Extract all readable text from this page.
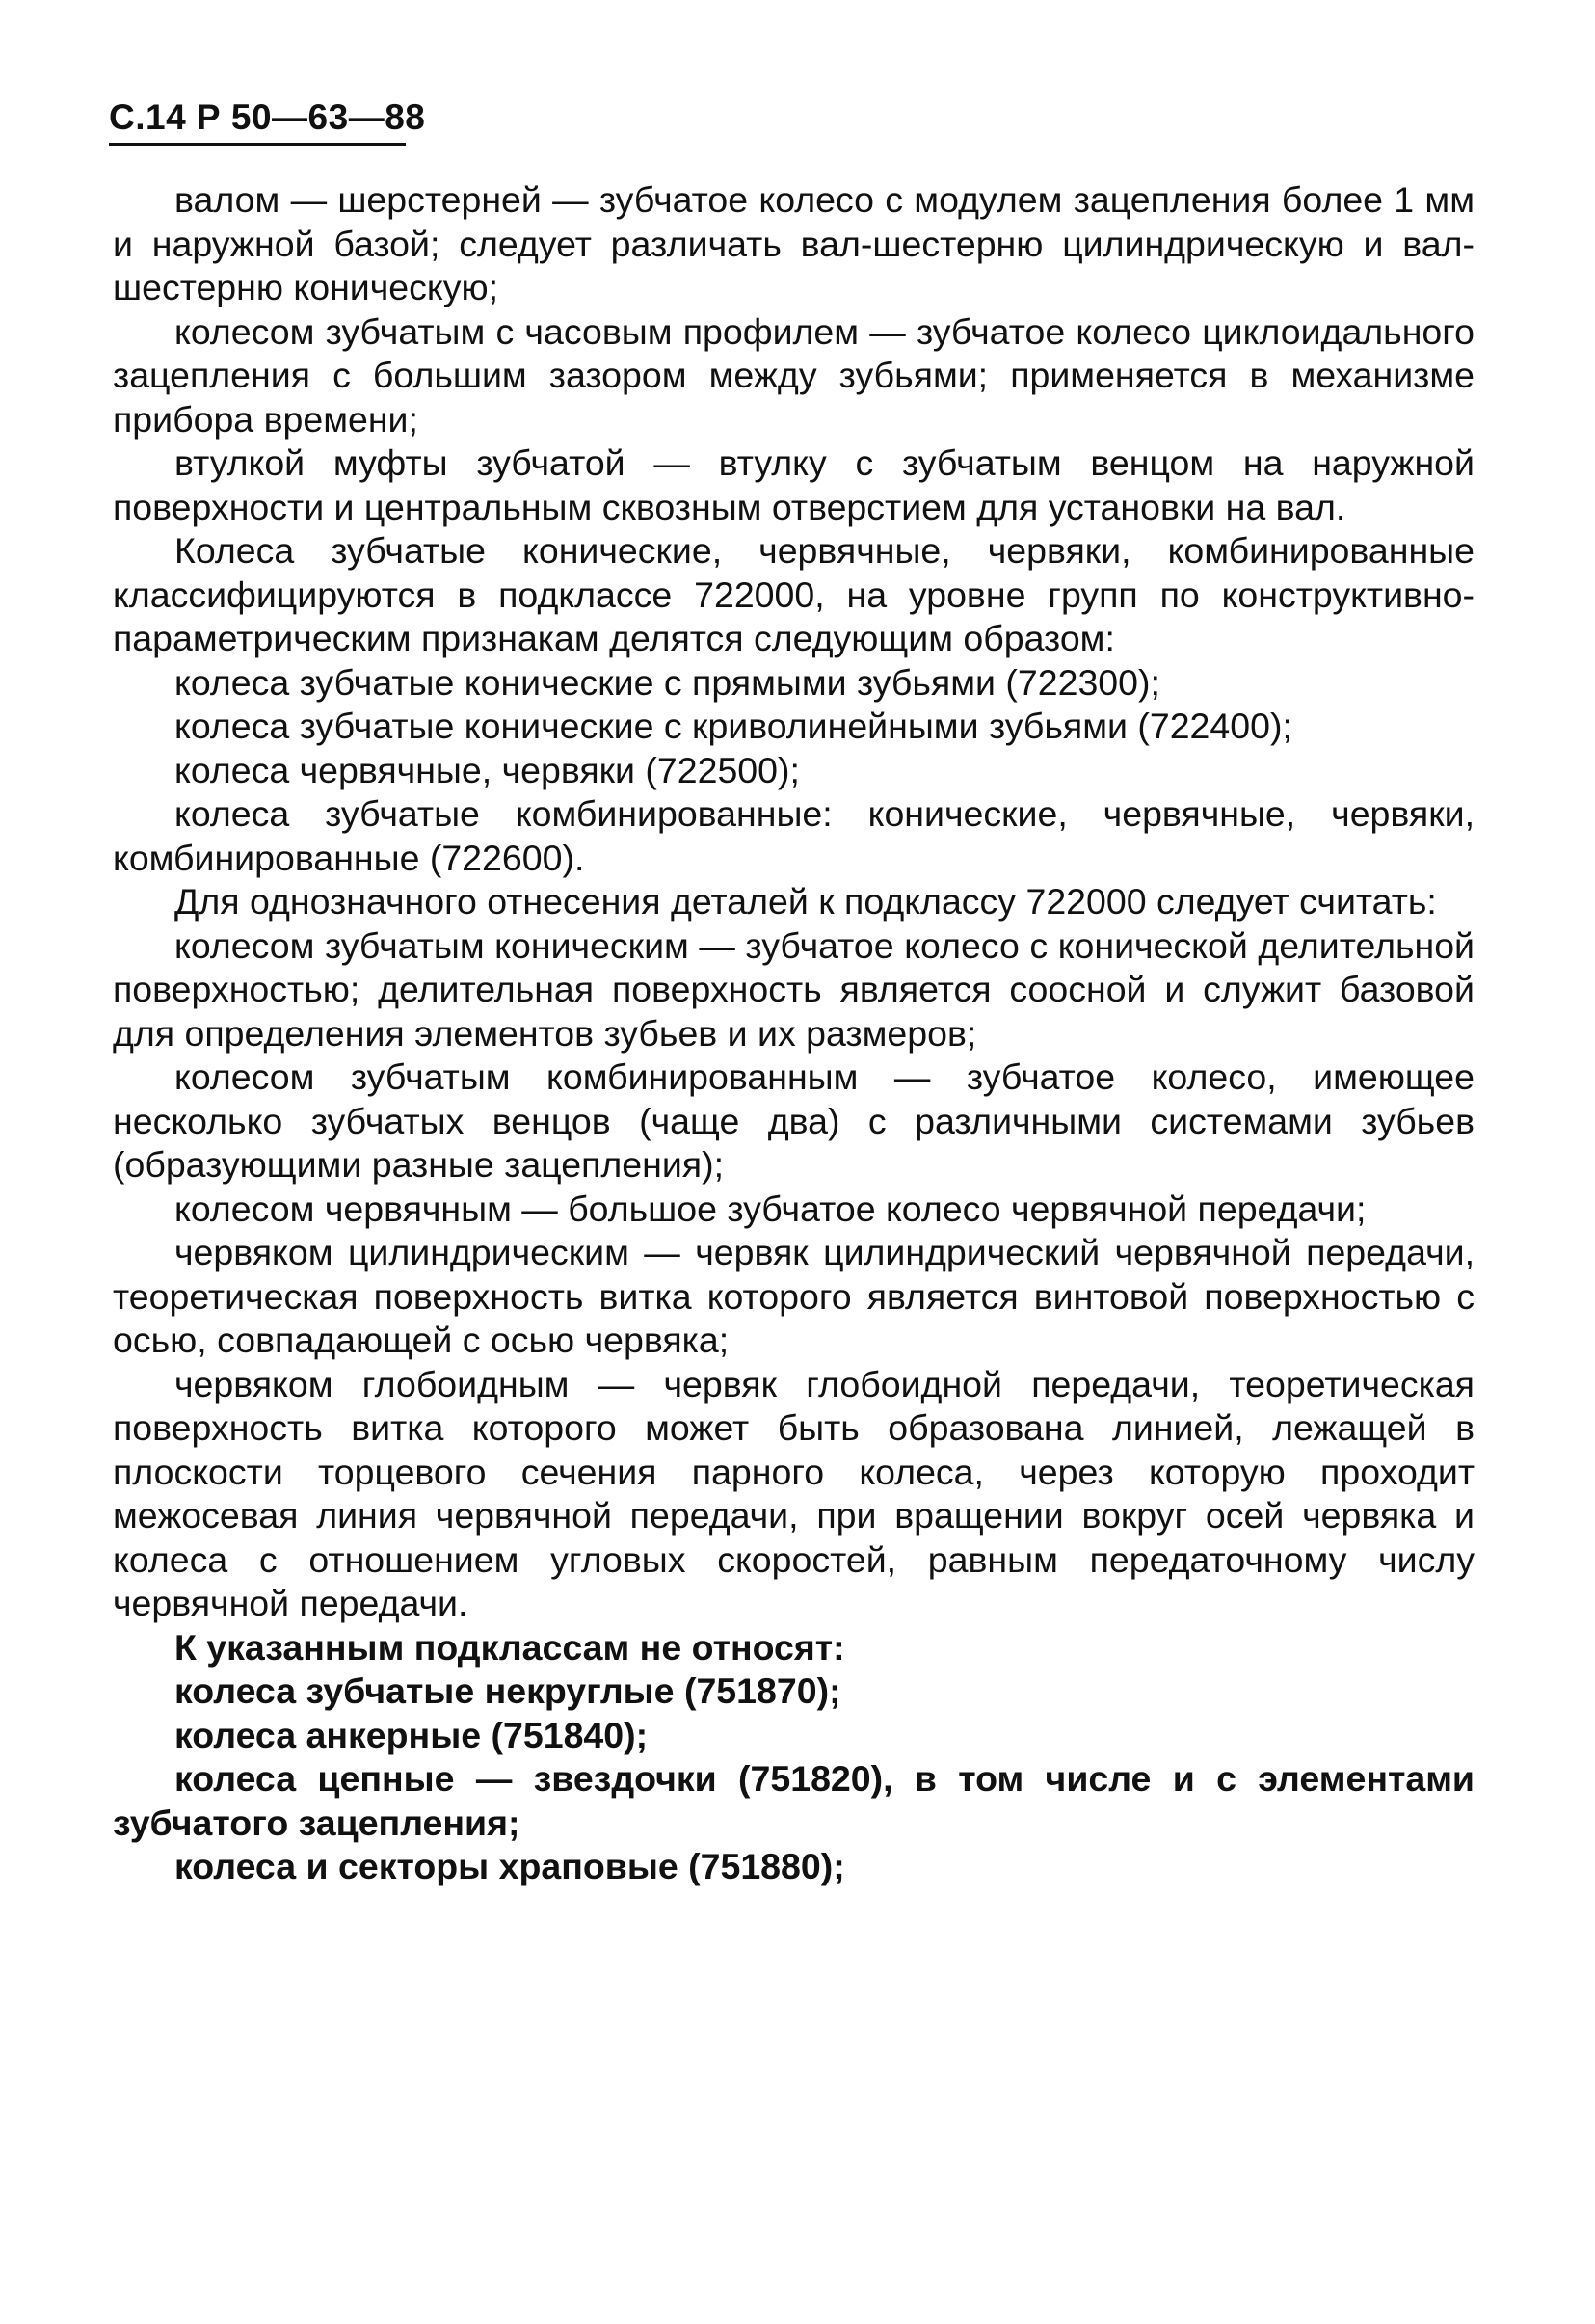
С.14 Р 50—63—88

валом — шерстерней — зубчатое колесо с модулем зацепления более 1 мм и наружной базой; следует различать вал-шестерню цилиндрическую и вал-шестерню коническую;

колесом зубчатым с часовым профилем — зубчатое колесо циклоидального зацепления с большим зазором между зубьями; применяется в механизме прибора времени;

втулкой муфты зубчатой — втулку с зубчатым венцом на наружной поверхности и центральным сквозным отверстием для установки на вал.

Колеса зубчатые конические, червячные, червяки, комбинированные классифицируются в подклассе 722000, на уровне групп по конструктивно-параметрическим признакам делятся следующим образом:

колеса зубчатые конические с прямыми зубьями (722300);

колеса зубчатые конические с криволинейными зубьями (722400);

колеса червячные, червяки (722500);

колеса зубчатые комбинированные: конические, червячные, червяки, комбинированные (722600).

Для однозначного отнесения деталей к подклассу 722000 следует считать:

колесом зубчатым коническим — зубчатое колесо с конической делительной поверхностью; делительная поверхность является соосной и служит базовой для определения элементов зубьев и их размеров;

колесом зубчатым комбинированным — зубчатое колесо, имеющее несколько зубчатых венцов (чаще два) с различными системами зубьев (образующими разные зацепления);

колесом червячным — большое зубчатое колесо червячной передачи;

червяком цилиндрическим — червяк цилиндрический червячной передачи, теоретическая поверхность витка которого является винтовой поверхностью с осью, совпадающей с осью червяка;

червяком глобоидным — червяк глобоидной передачи, теоретическая поверхность витка которого может быть образована линией, лежащей в плоскости торцевого сечения парного колеса, через которую проходит межосевая линия червячной передачи, при вращении вокруг осей червяка и колеса с отношением угловых скоростей, равным передаточному числу червячной передачи.

К указанным подклассам не относят:

колеса зубчатые некруглые (751870);

колеса анкерные (751840);

колеса цепные — звездочки (751820), в том числе и с элементами зубчатого зацепления;

колеса и секторы храповые (751880);
